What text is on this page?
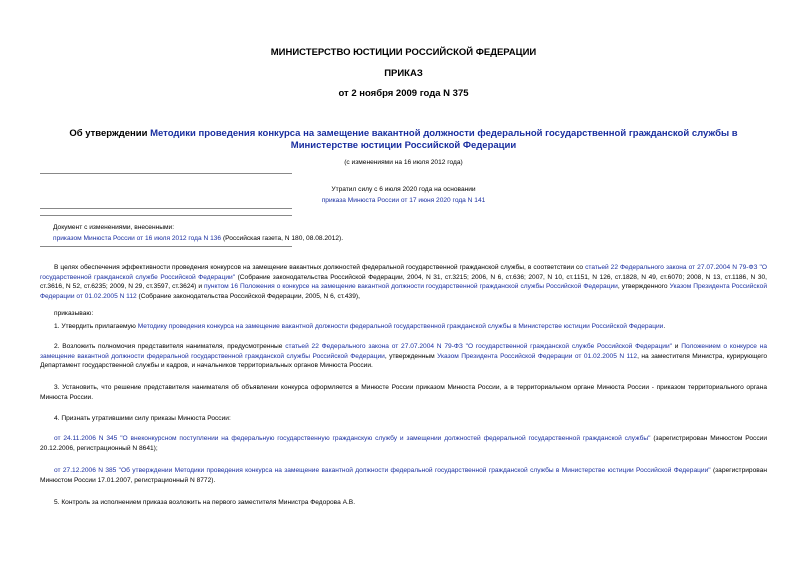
МИНИСТЕРСТВО ЮСТИЦИИ РОССИЙСКОЙ ФЕДЕРАЦИИ
ПРИКАЗ
от 2 ноября 2009 года N 375
Об утверждении Методики проведения конкурса на замещение вакантной должности федеральной государственной гражданской службы в Министерстве юстиции Российской Федерации
(с изменениями на 16 июля 2012 года)
Утратил силу с 6 июля 2020 года на основании
приказа Минюста России от 17 июня 2020 года N 141
Документ с изменениями, внесенными:
приказом Минюста России от 16 июля 2012 года N 136 (Российская газета, N 180, 08.08.2012).
В целях обеспечения эффективности проведения конкурсов на замещение вакантных должностей федеральной государственной гражданской службы, в соответствии со статьей 22 Федерального закона от 27.07.2004 N 79-ФЗ "О государственной гражданской службе Российской Федерации" (Собрание законодательства Российской Федерации, 2004, N 31, ст.3215; 2006, N 6, ст.636; 2007, N 10, ст.1151, N 126, ст.1828, N 49, ст.6070; 2008, N 13, ст.1186, N 30, ст.3616, N 52, ст.6235; 2009, N 29, ст.3597, ст.3624) и пунктом 16 Положения о конкурсе на замещение вакантной должности государственной гражданской службы Российской Федерации, утвержденного Указом Президента Российской Федерации от 01.02.2005 N 112 (Собрание законодательства Российской Федерации, 2005, N 6, ст.439),
приказываю:
1. Утвердить прилагаемую Методику проведения конкурса на замещение вакантной должности федеральной государственной гражданской службы в Министерстве юстиции Российской Федерации.
2. Возложить полномочия представителя нанимателя, предусмотренные статьей 22 Федерального закона от 27.07.2004 N 79-ФЗ "О государственной гражданской службе Российской Федерации" и Положением о конкурсе на замещение вакантной должности федеральной государственной гражданской службы Российской Федерации, утвержденным Указом Президента Российской Федерации от 01.02.2005 N 112, на заместителя Министра, курирующего Департамент государственной службы и кадров, и начальников территориальных органов Минюста России.
3. Установить, что решение представителя нанимателя об объявлении конкурса оформляется в Минюсте России приказом Минюста России, а в территориальном органе Минюста России - приказом территориального органа Минюста России.
4. Признать утратившими силу приказы Минюста России:
от 24.11.2006 N 345 "О внеконкурсном поступлении на федеральную государственную гражданскую службу и замещении должностей федеральной государственной гражданской службы" (зарегистрирован Минюстом России 20.12.2006, регистрационный N 8641);
от 27.12.2006 N 385 "Об утверждении Методики проведения конкурса на замещение вакантной должности федеральной государственной гражданской службы в Министерстве юстиции Российской Федерации" (зарегистрирован Минюстом России 17.01.2007, регистрационный N 8772).
5. Контроль за исполнением приказа возложить на первого заместителя Министра Федорова А.В.
